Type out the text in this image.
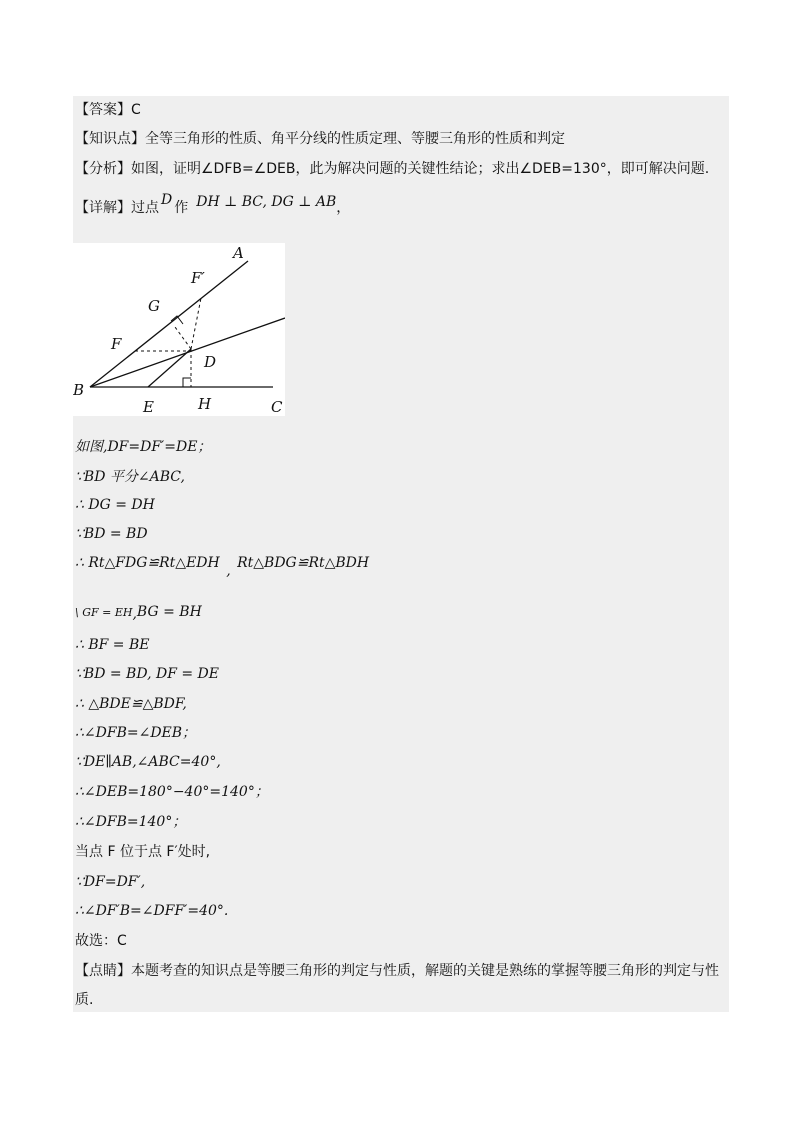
【答案】C
【知识点】全等三角形的性质、角平分线的性质定理、等腰三角形的性质和判定
【分析】如图，证明∠DFB=∠DEB，此为解决问题的关键性结论；求出∠DEB=130°，即可解决问题.
【详解】过点 D 作 DH ⊥ BC, DG ⊥ AB，
A
F′
G
F
D
B
E	H	C
如图,DF=DF′=DE；
∵BD 平分∠ABC,
∴ DG = DH
∵BD = BD
∴ Rt△FDG≌Rt△EDH , Rt△BDG≌Rt△BDH
\ GF = EH,BG = BH
∴ BF = BE
∵BD = BD, DF = DE
∴ △BDE≌△BDF,
∴∠DFB=∠DEB；
∵DE∥AB,∠ABC=40°,
∴∠DEB=180°−40°=140°；
∴∠DFB=140°；
当点 F 位于点 F′处时,
∵DF=DF′,
∴∠DF′B=∠DFF′=40°.
故选：C
【点睛】本题考查的知识点是等腰三角形的判定与性质，解题的关键是熟练的掌握等腰三角形的判定与性
质.
